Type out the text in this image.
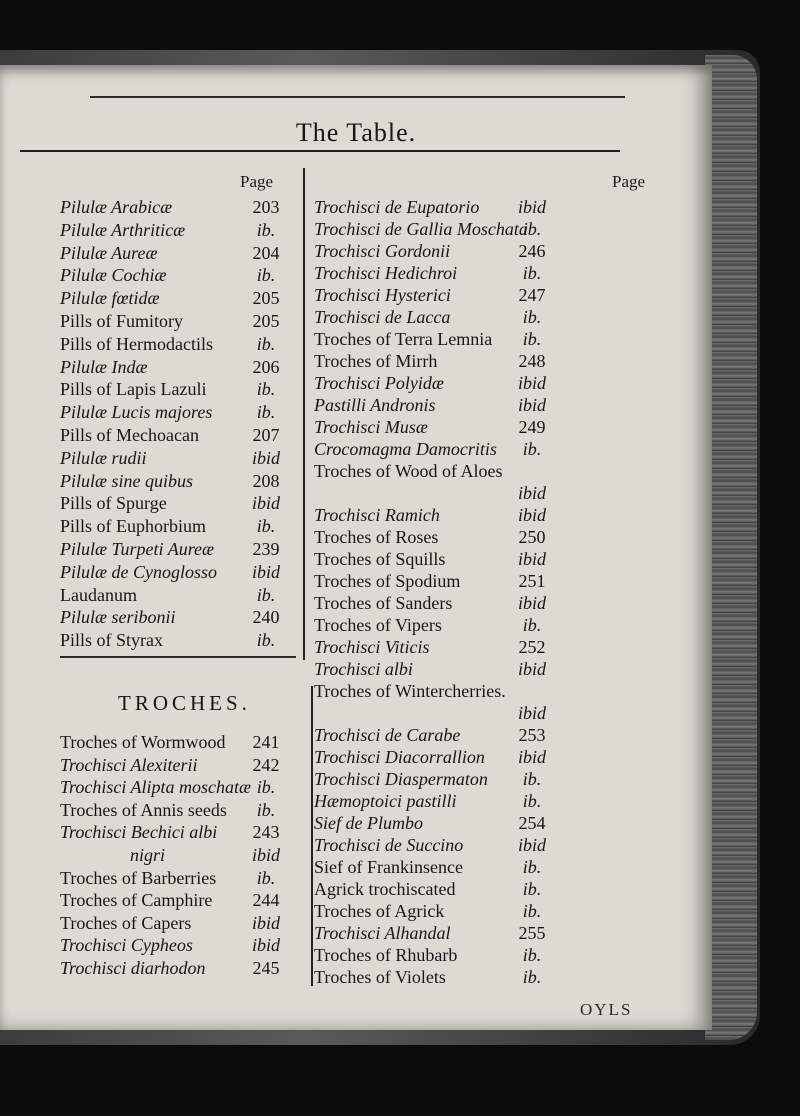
The Table.
Page	Page
Pilulæ Arabicæ	203
Pilulæ Arthriticæ	ib.
Pilulæ Aureæ	204
Pilulæ Cochiæ	ib.
Pilulæ fœtidæ	205
Pills of Fumitory	205
Pills of Hermodactils	ib.
Pilulæ Indæ	206
Pills of Lapis Lazuli	ib.
Pilulæ Lucis majores	ib.
Pills of Mechoacan	207
Pilulæ rudii	ibid
Pilulæ sine quibus	208
Pills of Spurge	ibid
Pills of Euphorbium	ib.
Pilulæ Turpeti Aureæ	239
Pilulæ de Cynoglosso	ibid
Laudanum	ib.
Pilulæ seribonii	240
Pills of Styrax	ib.
TROCHES.
Troches of Wormwood	241
Trochisci Alexiterii	242
Trochisci Alipta moschatæ ib.
Troches of Annis seeds	ib.
Trochisci Bechici albi	243
nigri	ibid
Troches of Barberries	ib.
Troches of Camphire	244
Troches of Capers	ibid
Trochisci Cypheos	ibid
Trochisci diarhodon	245
Trochisci de Eupatorio	ibid
Trochisci de Gallia Moschata
ib.
Trochisci Gordonii	246
Trochisci Hedichroi	ib.
Trochisci Hysterici	247
Trochisci de Lacca	ib.
Troches of Terra Lemnia	ib.
Troches of Mirrh	248
Trochisci Polyidæ	ibid
Pastilli Andronis	ibid
Trochisci Musæ	249
Crocomagma Damocritis	ib.
Troches of Wood of Aloes
ibid
Trochisci Ramich	ibid
Troches of Roses	250
Troches of Squills	ibid
Troches of Spodium	251
Troches of Sanders	ibid
Troches of Vipers	ib.
Trochisci Viticis	252
Trochisci albi	ibid
Troches of Wintercherries.
ibid
Trochisci de Carabe	253
Trochisci Diacorrallion	ibid
Trochisci Diaspermaton	ib.
Hæmoptoici pastilli	ib.
Sief de Plumbo	254
Trochisci de Succino	ibid
Sief of Frankinsence	ib.
Agrick trochiscated	ib.
Troches of Agrick	ib.
Trochisci Alhandal	255
Troches of Rhubarb	ib.
Troches of Violets	ib.
OYLS
